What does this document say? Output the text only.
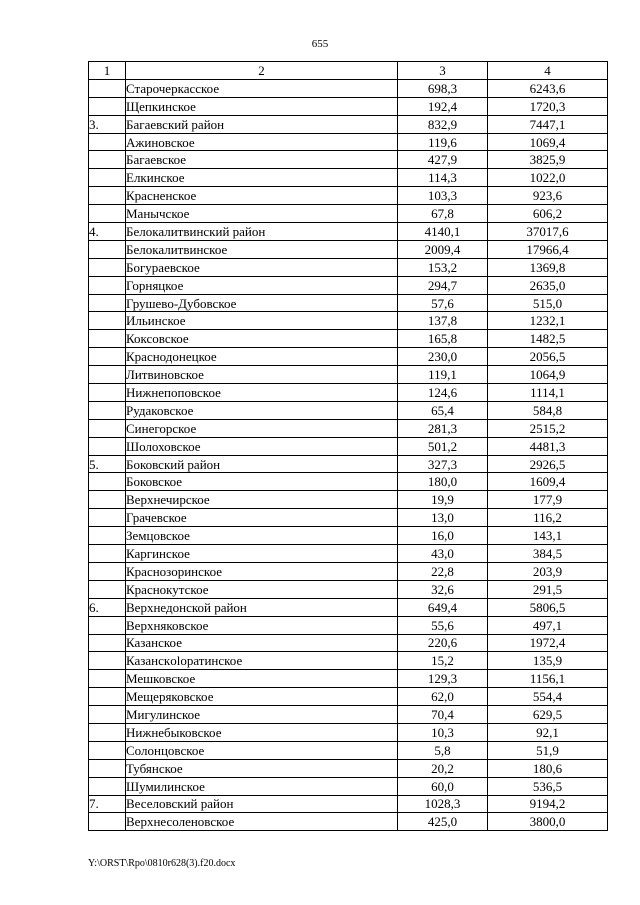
655
1	2	3	4
	Старочеркасское	698,3	6243,6
	Щепкинское	192,4	1720,3
3.	Багаевский район	832,9	7447,1
	Ажиновское	119,6	1069,4
	Багаевское	427,9	3825,9
	Елкинское	114,3	1022,0
	Красненское	103,3	923,6
	Манычское	67,8	606,2
4.	Белокалитвинский район	4140,1	37017,6
	Белокалитвинское	2009,4	17966,4
	Богураевское	153,2	1369,8
	Горняцкое	294,7	2635,0
	Грушево-Дубовское	57,6	515,0
	Ильинское	137,8	1232,1
	Коксовское	165,8	1482,5
	Краснодонецкое	230,0	2056,5
	Литвиновское	119,1	1064,9
	Нижнепоповское	124,6	1114,1
	Рудаковское	65,4	584,8
	Синегорское	281,3	2515,2
	Шолоховское	501,2	4481,3
5.	Боковский район	327,3	2926,5
	Боковское	180,0	1609,4
	Верхнечирское	19,9	177,9
	Грачевское	13,0	116,2
	Земцовское	16,0	143,1
	Каргинское	43,0	384,5
	Краснозоринское	22,8	203,9
	Краснокутское	32,6	291,5
6.	Верхнедонской район	649,4	5806,5
	Верхняковское	55,6	497,1
	Казанское	220,6	1972,4
	Казанскolopатинское	15,2	135,9
	Мешковское	129,3	1156,1
	Мещеряковское	62,0	554,4
	Мигулинское	70,4	629,5
	Нижнебыковское	10,3	92,1
	Солонцовское	5,8	51,9
	Тубянское	20,2	180,6
	Шумилинское	60,0	536,5
7.	Веселовский район	1028,3	9194,2
	Верхнесоленовское	425,0	3800,0
Y:\ORST\Rpo\0810r628(3).f20.docx
